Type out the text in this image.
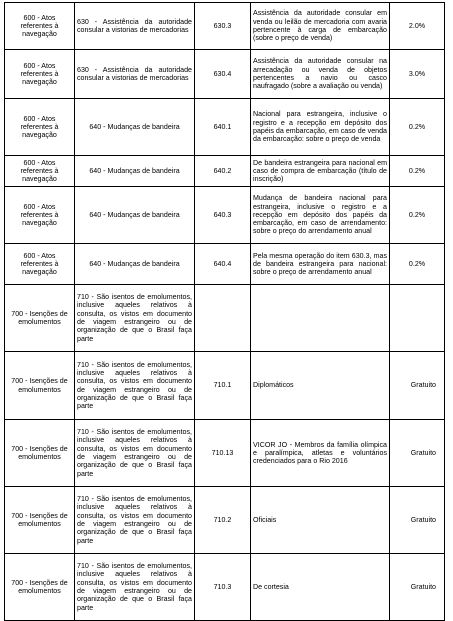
600 - Atos referentes à navegação	630 - Assistência da autoridade consular a vistorias de mercadorias	630.3	Assistência da autoridade consular em venda ou leilão de mercadoria com avaria pertencente à carga de embarcação (sobre o preço de venda)	2.0%
600 - Atos referentes à navegação	630 - Assistência da autoridade consular a vistorias de mercadorias	630.4	Assistência da autoridade consular na arrecadação ou venda de objetos pertencentes a navio ou casco naufragado (sobre a avaliação ou venda)	3.0%
600 - Atos referentes à navegação	640 - Mudanças de bandeira	640.1	Nacional para estrangeira, inclusive o registro e a recepção em depósito dos papéis da embarcação, em caso de venda da embarcação: sobre o preço de venda	0.2%
600 - Atos referentes à navegação	640 - Mudanças de bandeira	640.2	De bandeira estrangeira para nacional em caso de compra de embarcação (título de inscrição)	0.2%
600 - Atos referentes à navegação	640 - Mudanças de bandeira	640.3	Mudança de bandeira nacional para estrangeira, inclusive o registro e a recepção em depósito dos papéis da embarcação, em caso de arrendamento: sobre o preço do arrendamento anual	0.2%
600 - Atos referentes à navegação	640 - Mudanças de bandeira	640.4	Pela mesma operação do item 630.3, mas de bandeira estrangeira para nacional: sobre o preço de arrendamento anual	0.2%
700 - Isenções de emolumentos	710 - São isentos de emolumentos, inclusive aqueles relativos à consulta, os vistos em documento de viagem estrangeiro ou de organização de que o Brasil faça parte			
700 - Isenções de emolumentos	710 - São isentos de emolumentos, inclusive aqueles relativos à consulta, os vistos em documento de viagem estrangeiro ou de organização de que o Brasil faça parte	710.1	Diplomáticos	Gratuito
700 - Isenções de emolumentos	710 - São isentos de emolumentos, inclusive aqueles relativos à consulta, os vistos em documento de viagem estrangeiro ou de organização de que o Brasil faça parte	710.13	VICOR JO - Membros da família olímpica e paralímpica, atletas e voluntários credenciados para o Rio 2016	Gratuito
700 - Isenções de emolumentos	710 - São isentos de emolumentos, inclusive aqueles relativos à consulta, os vistos em documento de viagem estrangeiro ou de organização de que o Brasil faça parte	710.2	Oficiais	Gratuito
700 - Isenções de emolumentos	710 - São isentos de emolumentos, inclusive aqueles relativos à consulta, os vistos em documento de viagem estrangeiro ou de organização de que o Brasil faça parte	710.3	De cortesia	Gratuito
